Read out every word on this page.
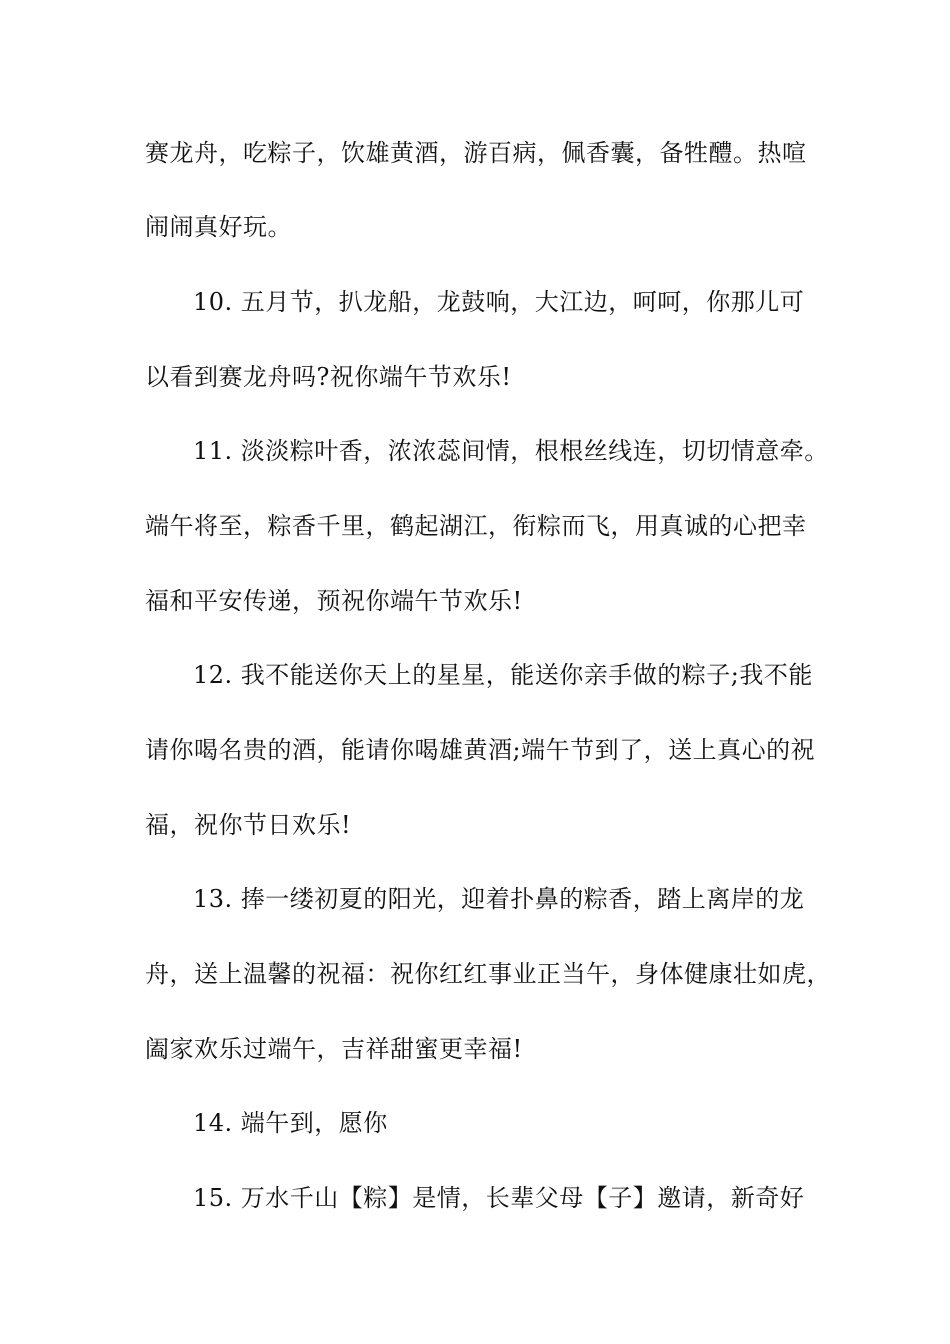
赛龙舟，吃粽子，饮雄黄酒，游百病，佩香囊，备牲醴。热喧
闹闹真好玩。
10. 五月节，扒龙船，龙鼓响，大江边，呵呵，你那儿可
以看到赛龙舟吗?祝你端午节欢乐!
11. 淡淡粽叶香，浓浓蕊间情，根根丝线连，切切情意牵。
端午将至，粽香千里，鹤起湖江，衔粽而飞，用真诚的心把幸
福和平安传递，预祝你端午节欢乐!
12. 我不能送你天上的星星，能送你亲手做的粽子;我不能
请你喝名贵的酒，能请你喝雄黄酒;端午节到了，送上真心的祝
福，祝你节日欢乐!
13. 捧一缕初夏的阳光，迎着扑鼻的粽香，踏上离岸的龙
舟，送上温馨的祝福：祝你红红事业正当午，身体健康壮如虎，
阖家欢乐过端午，吉祥甜蜜更幸福!
14. 端午到，愿你
15. 万水千山【粽】是情，长辈父母【子】邀请，新奇好
